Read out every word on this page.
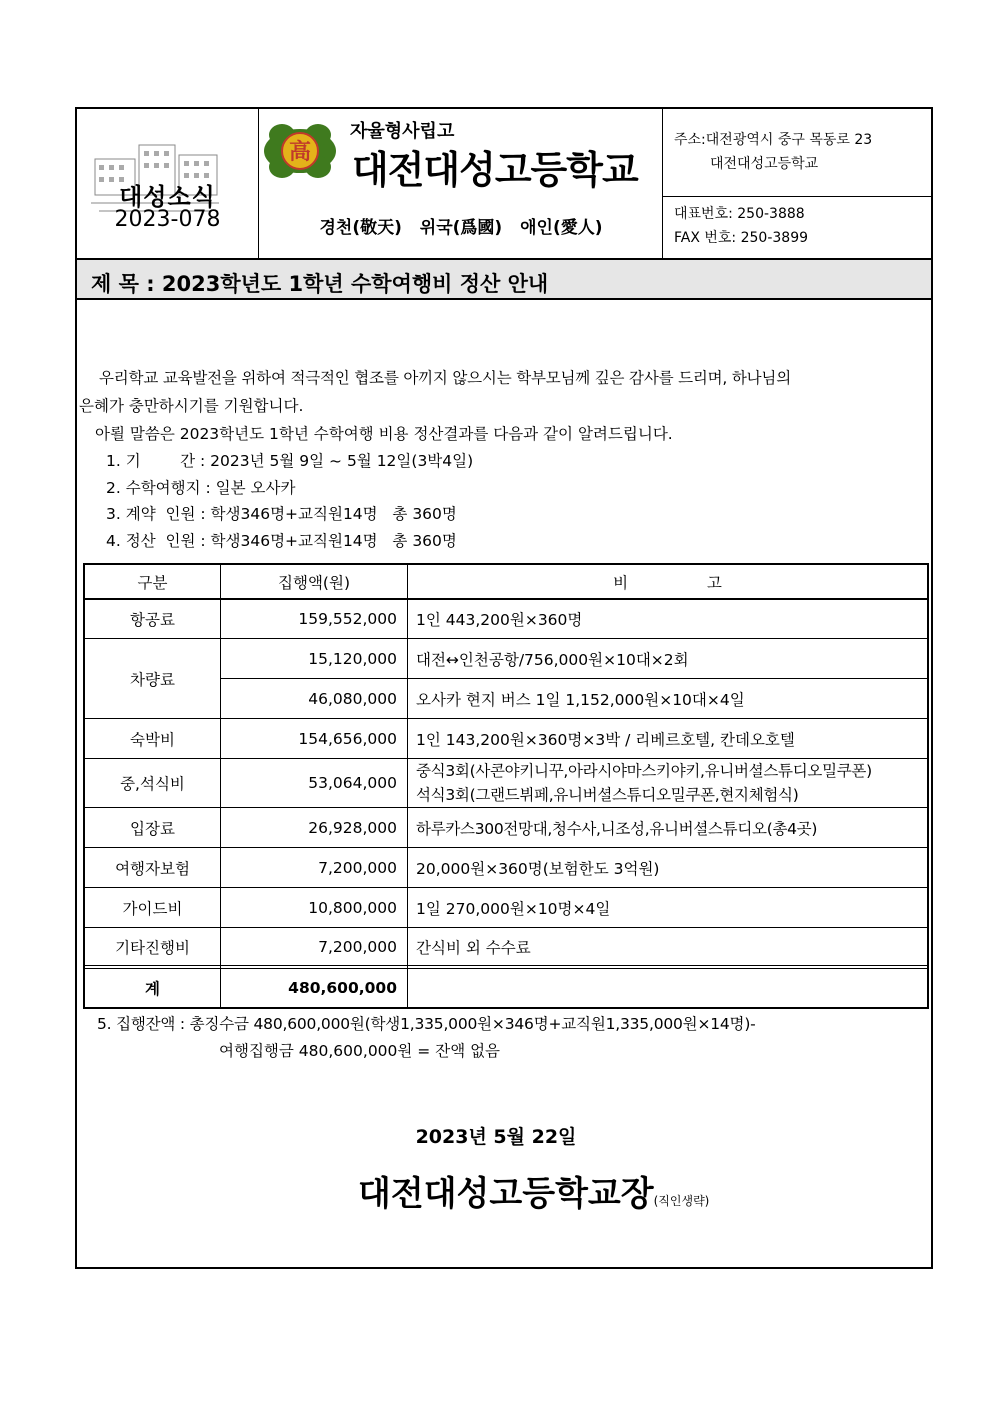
대성소식
2023-078
高
자율형사립고
대전대성고등학교
경천(敬天) 위국(爲國) 애인(愛人)
주소:대전광역시 중구 목동로 23
대전대성고등학교
대표번호: 250-3888
FAX 번호: 250-3899
제 목 : 2023학년도 1학년 수학여행비 정산 안내
우리학교 교육발전을 위하여 적극적인 협조를 아끼지 않으시는 학부모님께 깊은 감사를 드리며, 하나님의
은혜가 충만하시기를 기원합니다.
아뢸 말씀은 2023학년도 1학년 수학여행 비용 정산결과를 다음과 같이 알려드립니다.
1. 기        간 : 2023년 5월 9일 ~ 5월 12일(3박4일)
2. 수학여행지 : 일본 오사카
3. 계약  인원 : 학생346명+교직원14명   총 360명
4. 정산  인원 : 학생346명+교직원14명   총 360명
구분	집행액(원)	비                고
항공료	159,552,000	1인 443,200원×360명
차량료
15,120,000	대전↔인천공항/756,000원×10대×2회
46,080,000	오사카 현지 버스 1일 1,152,000원×10대×4일
숙박비	154,656,000	1인 143,200원×360명×3박 / 리베르호텔, 칸데오호텔
중,석식비	53,064,000
중식3회(사콘야키니꾸,아라시야마스키야키,유니버셜스튜디오밀쿠폰)
석식3회(그랜드뷔페,유니버셜스튜디오밀쿠폰,현지체험식)
입장료	26,928,000	하루카스300전망대,청수사,니조성,유니버셜스튜디오(총4곳)
여행자보험	7,200,000	20,000원×360명(보험한도 3억원)
가이드비	10,800,000	1일 270,000원×10명×4일
기타진행비	7,200,000	간식비 외 수수료
계	480,600,000
5. 집행잔액 : 총징수금 480,600,000원(학생1,335,000원×346명+교직원1,335,000원×14명)-
여행집행금 480,600,000원 = 잔액 없음
2023년 5월 22일
대전대성고등학교장(직인생략)
